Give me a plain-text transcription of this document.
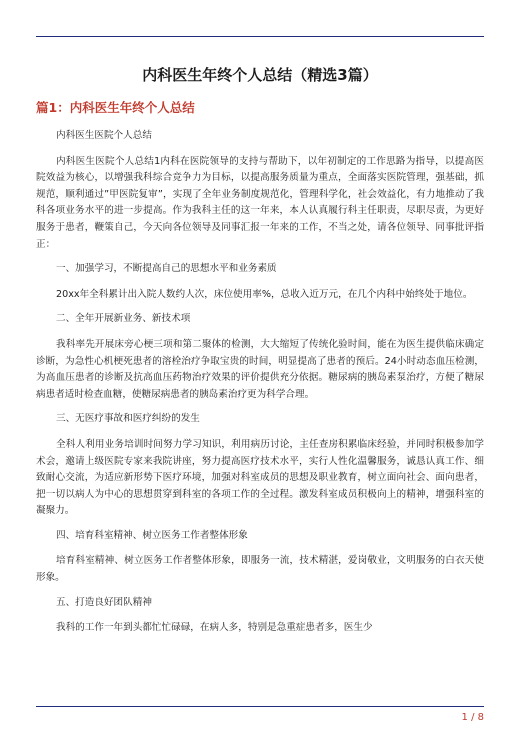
内科医生年终个人总结（精选3篇）
篇1：内科医生年终个人总结

内科医生医院个人总结

内科医生医院个人总结1内科在医院领导的支持与帮助下，以年初制定的工作思路为指导，以提高医院效益为核心，以增强我科综合竞争力为目标，以提高服务质量为重点，全面落实医院管理，强基础，抓规范，顺利通过”甲医院复审”，实现了全年业务制度规范化，管理科学化，社会效益化，有力地推动了我科各项业务水平的进一步提高。作为我科主任的这一年来，本人认真履行科主任职责，尽职尽责，为更好服务于患者，鞭策自己，今天向各位领导及同事汇报一年来的工作，不当之处，请各位领导、同事批评指正：

一、加强学习，不断提高自己的思想水平和业务素质

20xx年全科累计出入院人数约人次，床位使用率%，总收入近万元，在几个内科中始终处于地位。

二、全年开展新业务、新技术项

我科率先开展床旁心梗三项和第二聚体的检测，大大缩短了传统化验时间，能在为医生提供临床确定诊断，为急性心机梗死患者的溶栓治疗争取宝贵的时间，明显提高了患者的预后。24小时动态血压检测，为高血压患者的诊断及抗高血压药物治疗效果的评价提供充分依据。糖尿病的胰岛素泵治疗，方便了糖尿病患者适时检查血糖，使糖尿病患者的胰岛素治疗更为科学合理。

三、无医疗事故和医疗纠纷的发生

全科人利用业务培训时间努力学习知识，利用病历讨论，主任查房积累临床经验，并同时积极参加学术会，邀请上级医院专家来我院讲座，努力提高医疗技术水平，实行人性化温馨服务，诚恳认真工作、细致耐心交流，为适应新形势下医疗环境，加强对科室成员的思想及职业教育，树立面向社会、面向患者，把一切以病人为中心的思想贯穿到科室的各项工作的全过程。激发科室成员积极向上的精神，增强科室的凝聚力。

四、培育科室精神、树立医务工作者整体形象

培育科室精神、树立医务工作者整体形象，即服务一流，技术精湛，爱岗敬业，文明服务的白衣天使形象。

五、打造良好团队精神

我科的工作一年到头都忙忙碌碌，在病人多，特别是急重症患者多，医生少

1 / 8
